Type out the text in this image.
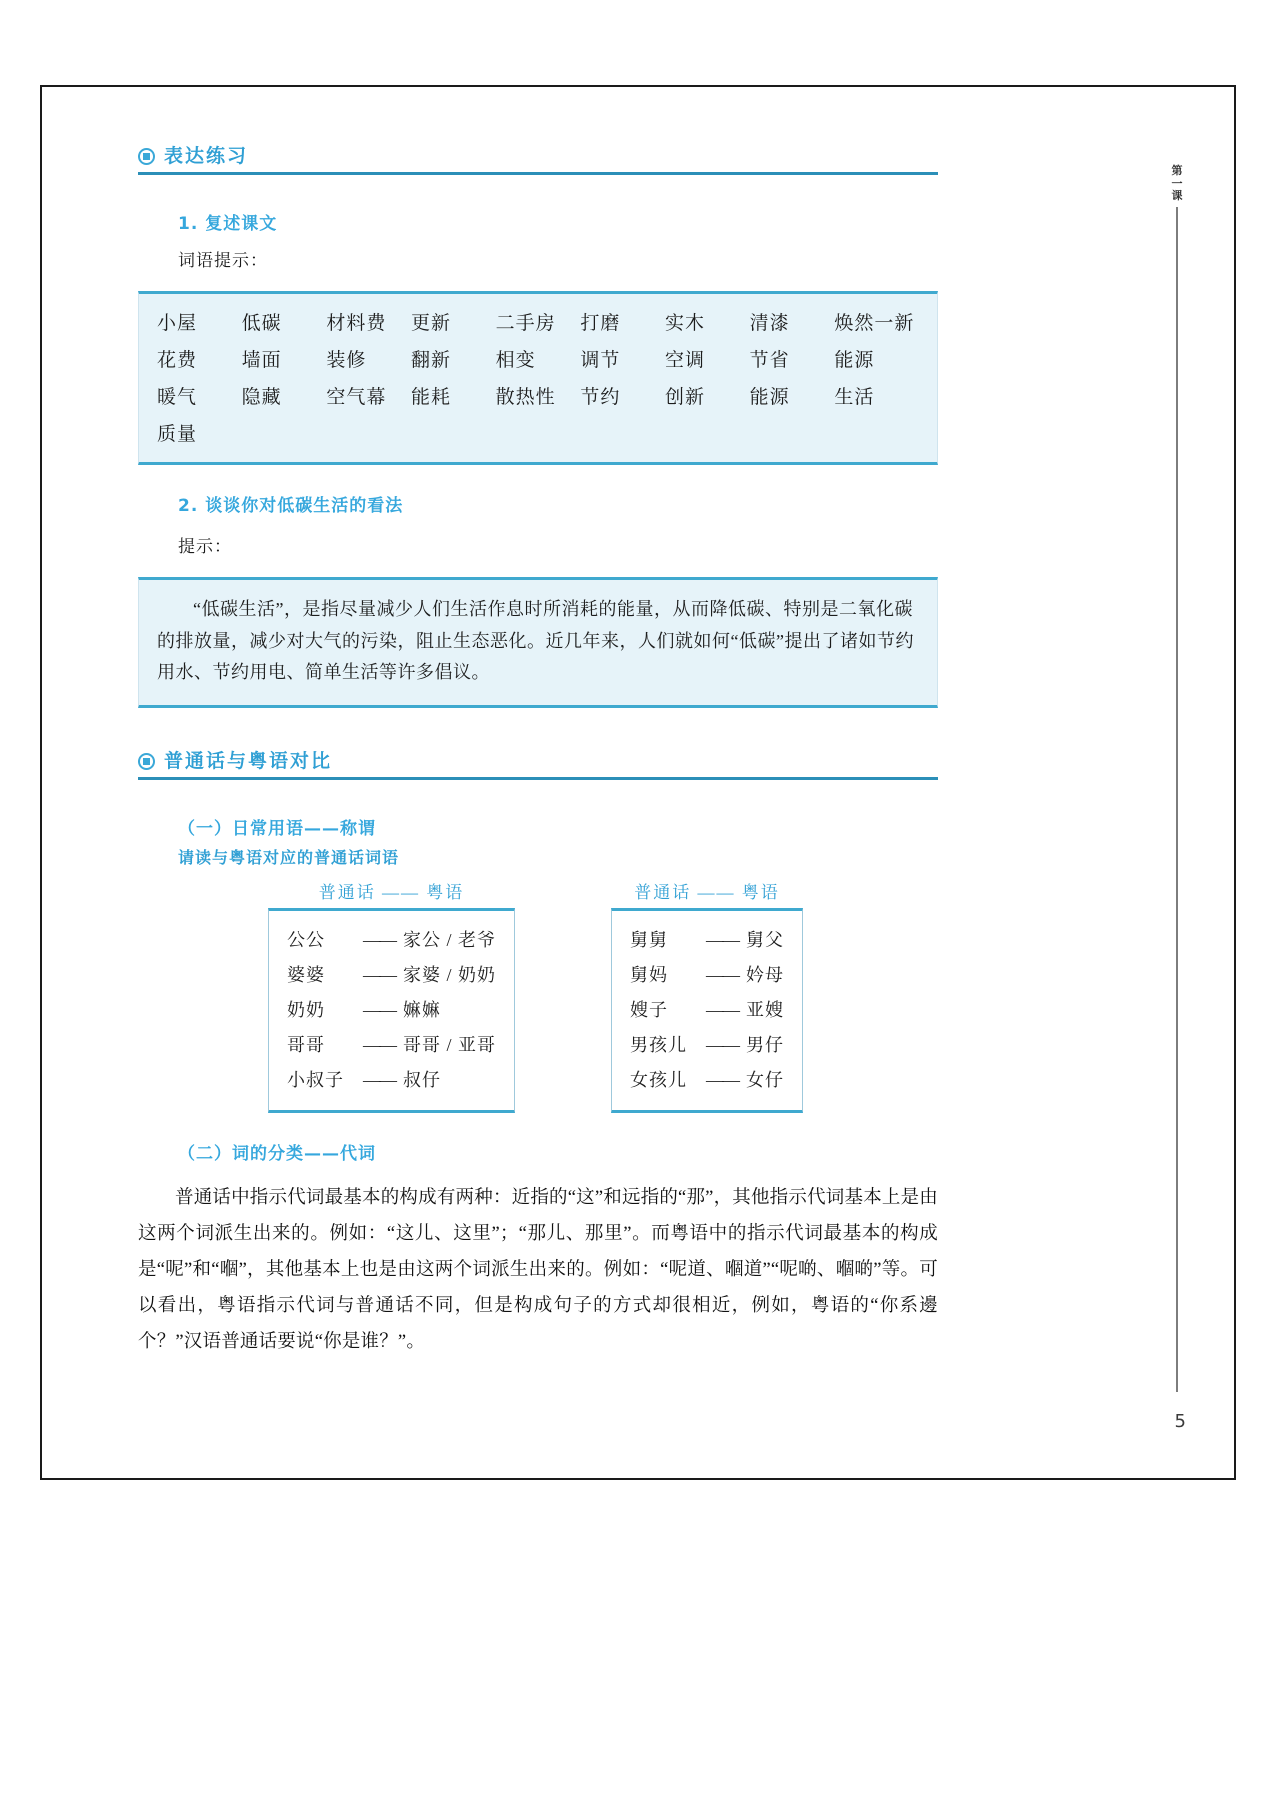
第
一
课
5
表达练习

1. 复述课文

词语提示：

小屋	低碳	材料费	更新	二手房	打磨	实木	清漆	焕然一新
花费	墙面	装修	翻新	相变	调节	空调	节省	能源
暖气	隐藏	空气幕	能耗	散热性	节约	创新	能源	生活
质量

2. 谈谈你对低碳生活的看法

提示：

“低碳生活”，是指尽量减少人们生活作息时所消耗的能量，从而降低碳、特别是二氧化碳的排放量，减少对大气的污染，阻止生态恶化。近几年来，人们就如何“低碳”提出了诸如节约用水、节约用电、简单生活等许多倡议。

普通话与粤语对比

（一）日常用语——称谓

请读与粤语对应的普通话词语

普通话 —— 粤语
公公	—— 家公 / 老爷
婆婆	—— 家婆 / 奶奶
奶奶	—— 嫲嫲
哥哥	—— 哥哥 / 亚哥
小叔子	—— 叔仔
普通话 —— 粤语
舅舅	—— 舅父
舅妈	—— 妗母
嫂子	—— 亚嫂
男孩儿	—— 男仔
女孩儿	—— 女仔

（二）词的分类——代词

普通话中指示代词最基本的构成有两种：近指的“这”和远指的“那”，其他指示代词基本上是由这两个词派生出来的。例如：“这儿、这里”；“那儿、那里”。而粤语中的指示代词最基本的构成是“呢”和“嗰”，其他基本上也是由这两个词派生出来的。例如：“呢道、嗰道”“呢啲、嗰啲”等。可以看出，粤语指示代词与普通话不同，但是构成句子的方式却很相近，例如，粤语的“你系邊个？”汉语普通话要说“你是谁？”。
